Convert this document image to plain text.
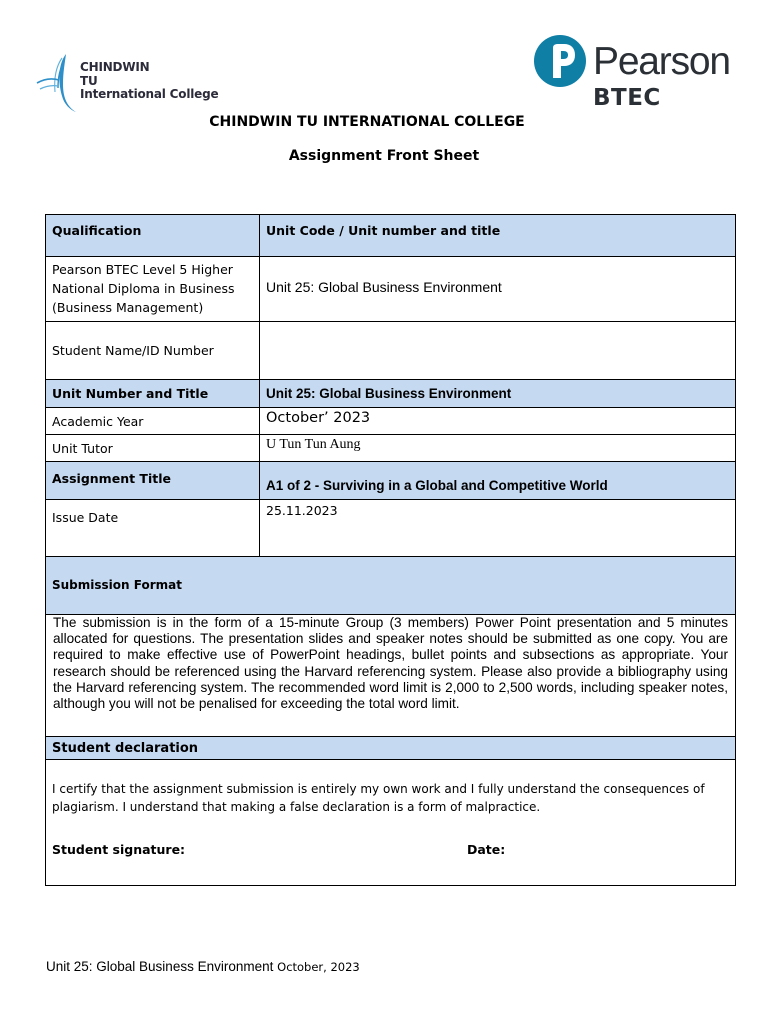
CHINDWIN
TU
International College
Pearson
BTEC
CHINDWIN TU INTERNATIONAL COLLEGE
Assignment Front Sheet
Qualification	Unit Code / Unit number and title

Pearson BTEC Level 5 Higher
National Diploma in Business
(Business Management)	Unit 25: Global Business Environment
Student Name/ID Number	
Unit Number and Title	Unit 25: Global Business Environment
Academic Year	October’ 2023
Unit Tutor	U Tun Tun Aung
Assignment Title	A1 of 2 - Surviving in a Global and Competitive World
Issue Date	25.11.2023
Submission Format	
The submission is in the form of a 15-minute Group (3 members) Power Point presentation and 5 minutes allocated for questions. The presentation slides and speaker notes should be submitted as one copy. You are required to make effective use of PowerPoint headings, bullet points and subsections as appropriate. Your research should be referenced using the Harvard referencing system. Please also provide a bibliography using the Harvard referencing system. The recommended word limit is 2,000 to 2,500 words, including speaker notes, although you will not be penalised for exceeding the total word limit.	
Student declaration	

I certify that the assignment submission is entirely my own work and I fully understand the consequences of plagiarism. I understand that making a false declaration is a form of malpractice.
Student signature: Date:	
Unit 25: Global Business Environment October, 2023
